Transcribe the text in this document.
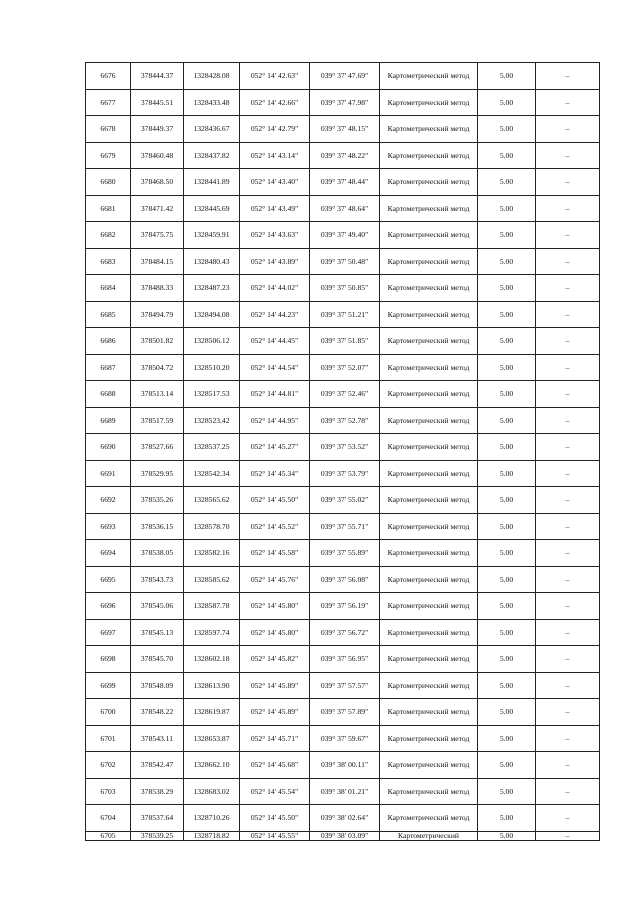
6676	378444.37	1328428.08	052° 14' 42.63"	039° 37' 47.69"	Картометрический метод	5.00	–
6677	378445.51	1328433.48	052° 14' 42.66"	039° 37' 47.98"	Картометрический метод	5.00	–
6678	378449.37	1328436.67	052° 14' 42.79"	039° 37' 48.15"	Картометрический метод	5.00	–
6679	378460.48	1328437.82	052° 14' 43.14"	039° 37' 48.22"	Картометрический метод	5.00	–
6680	378468.50	1328441.89	052° 14' 43.40"	039° 37' 48.44"	Картометрический метод	5.00	–
6681	378471.42	1328445.69	052° 14' 43.49"	039° 37' 48.64"	Картометрический метод	5.00	–
6682	378475.75	1328459.91	052° 14' 43.63"	039° 37' 49.40"	Картометрический метод	5.00	–
6683	378484.15	1328480.43	052° 14' 43.89"	039° 37' 50.48"	Картометрический метод	5.00	–
6684	378488.33	1328487.23	052° 14' 44.02"	039° 37' 50.85"	Картометрический метод	5.00	–
6685	378494.79	1328494.08	052° 14' 44.23"	039° 37' 51.21"	Картометрический метод	5.00	–
6686	378501.82	1328506.12	052° 14' 44.45"	039° 37' 51.85"	Картометрический метод	5.00	–
6687	378504.72	1328510.20	052° 14' 44.54"	039° 37' 52.07"	Картометрический метод	5.00	–
6688	378513.14	1328517.53	052° 14' 44.81"	039° 37' 52.46"	Картометрический метод	5.00	–
6689	378517.59	1328523.42	052° 14' 44.95"	039° 37' 52.78"	Картометрический метод	5.00	–
6690	378527.66	1328537.25	052° 14' 45.27"	039° 37' 53.52"	Картометрический метод	5.00	–
6691	378529.95	1328542.34	052° 14' 45.34"	039° 37' 53.79"	Картометрический метод	5.00	–
6692	378535.26	1328565.62	052° 14' 45.50"	039° 37' 55.02"	Картометрический метод	5.00	–
6693	378536.15	1328578.70	052° 14' 45.52"	039° 37' 55.71"	Картометрический метод	5.00	–
6694	378538.05	1328582.16	052° 14' 45.58"	039° 37' 55.89"	Картометрический метод	5.00	–
6695	378543.73	1328585.62	052° 14' 45.76"	039° 37' 56.08"	Картометрический метод	5.00	–
6696	378545.06	1328587.78	052° 14' 45.80"	039° 37' 56.19"	Картометрический метод	5.00	–
6697	378545.13	1328597.74	052° 14' 45.80"	039° 37' 56.72"	Картометрический метод	5.00	–
6698	378545.70	1328602.18	052° 14' 45.82"	039° 37' 56.95"	Картометрический метод	5.00	–
6699	378548.09	1328613.90	052° 14' 45.89"	039° 37' 57.57"	Картометрический метод	5.00	–
6700	378548.22	1328619.87	052° 14' 45.89"	039° 37' 57.89"	Картометрический метод	5.00	–
6701	378543.11	1328653.87	052° 14' 45.71"	039° 37' 59.67"	Картометрический метод	5.00	–
6702	378542.47	1328662.10	052° 14' 45.68"	039° 38' 00.11"	Картометрический метод	5.00	–
6703	378538.29	1328683.02	052° 14' 45.54"	039° 38' 01.21"	Картометрический метод	5.00	–
6704	378537.64	1328710.26	052° 14' 45.50"	039° 38' 02.64"	Картометрический метод	5.00	–
6705	378539.25	1328718.82	052° 14' 45.55"	039° 38' 03.09"	Картометрический	5.00	–
